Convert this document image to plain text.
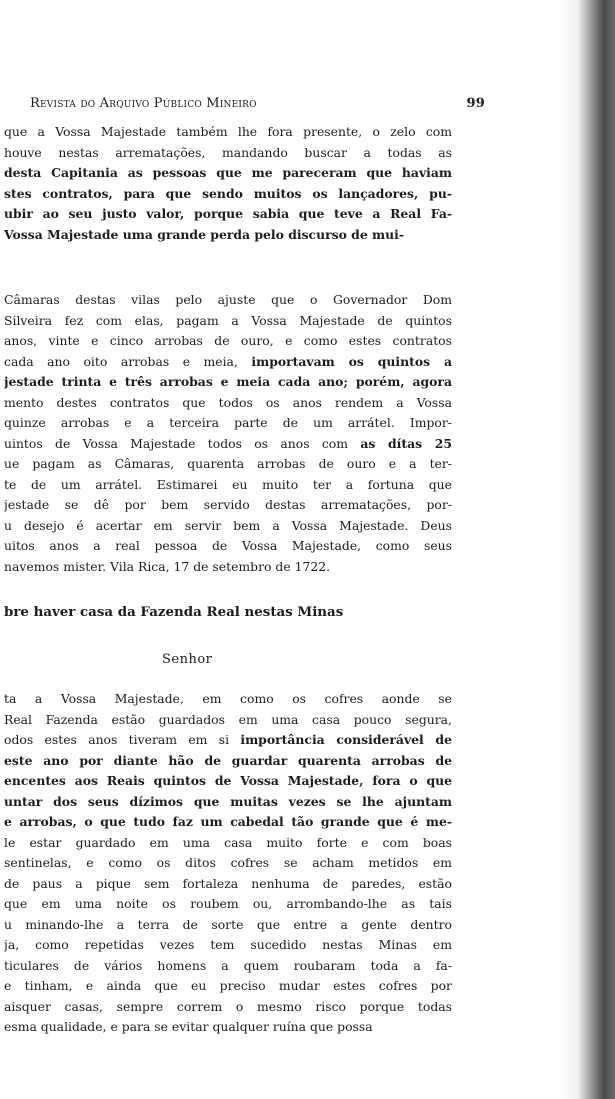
Revista do Arquivo Público Mineiro	99
que a Vossa Majestade também lhe fora presente, o zelo com
houve nestas arrematações, mandando buscar a todas as
desta Capitania as pessoas que me pareceram que haviam
stes contratos, para que sendo muitos os lançadores, pu-
ubir ao seu justo valor, porque sabia que teve a Real Fa-
Vossa Majestade uma grande perda pelo discurso de mui-
Câmaras destas vilas pelo ajuste que o Governador Dom
Silveira fez com elas, pagam a Vossa Majestade de quintos
anos, vinte e cinco arrobas de ouro, e como estes contratos
cada ano oito arrobas e meia, importavam os quintos a
jestade trinta e três arrobas e meia cada ano; porém, agora
mento destes contratos que todos os anos rendem a Vossa
quinze arrobas e a terceira parte de um arrátel. Impor-
uintos de Vossa Majestade todos os anos com as dítas 25
ue pagam as Câmaras, quarenta arrobas de ouro e a ter-
te de um arrátel. Estimarei eu muito ter a fortuna que
jestade se dê por bem servido destas arrematações, por-
u desejo é acertar em servir bem a Vossa Majestade. Deus
uitos anos a real pessoa de Vossa Majestade, como seus
navemos mister. Vila Rica, 17 de setembro de 1722.
bre haver casa da Fazenda Real nestas Minas
Senhor
ta a Vossa Majestade, em como os cofres aonde se
Real Fazenda estão guardados em uma casa pouco segura,
odos estes anos tiveram em si importância considerável de
este ano por diante hão de guardar quarenta arrobas de
encentes aos Reais quintos de Vossa Majestade, fora o que
untar dos seus dízimos que muitas vezes se lhe ajuntam
e arrobas, o que tudo faz um cabedal tão grande que é me-
le estar guardado em uma casa muito forte e com boas
sentinelas, e como os ditos cofres se acham metidos em
de paus a pique sem fortaleza nenhuma de paredes, estão
que em uma noite os roubem ou, arrombando-lhe as tais
u minando-lhe a terra de sorte que entre a gente dentro
ja, como repetidas vezes tem sucedido nestas Minas em
ticulares de vários homens a quem roubaram toda a fa-
e tinham, e ainda que eu preciso mudar estes cofres por
aisquer casas, sempre correm o mesmo risco porque todas
esma qualidade, e para se evitar qualquer ruína que possa
